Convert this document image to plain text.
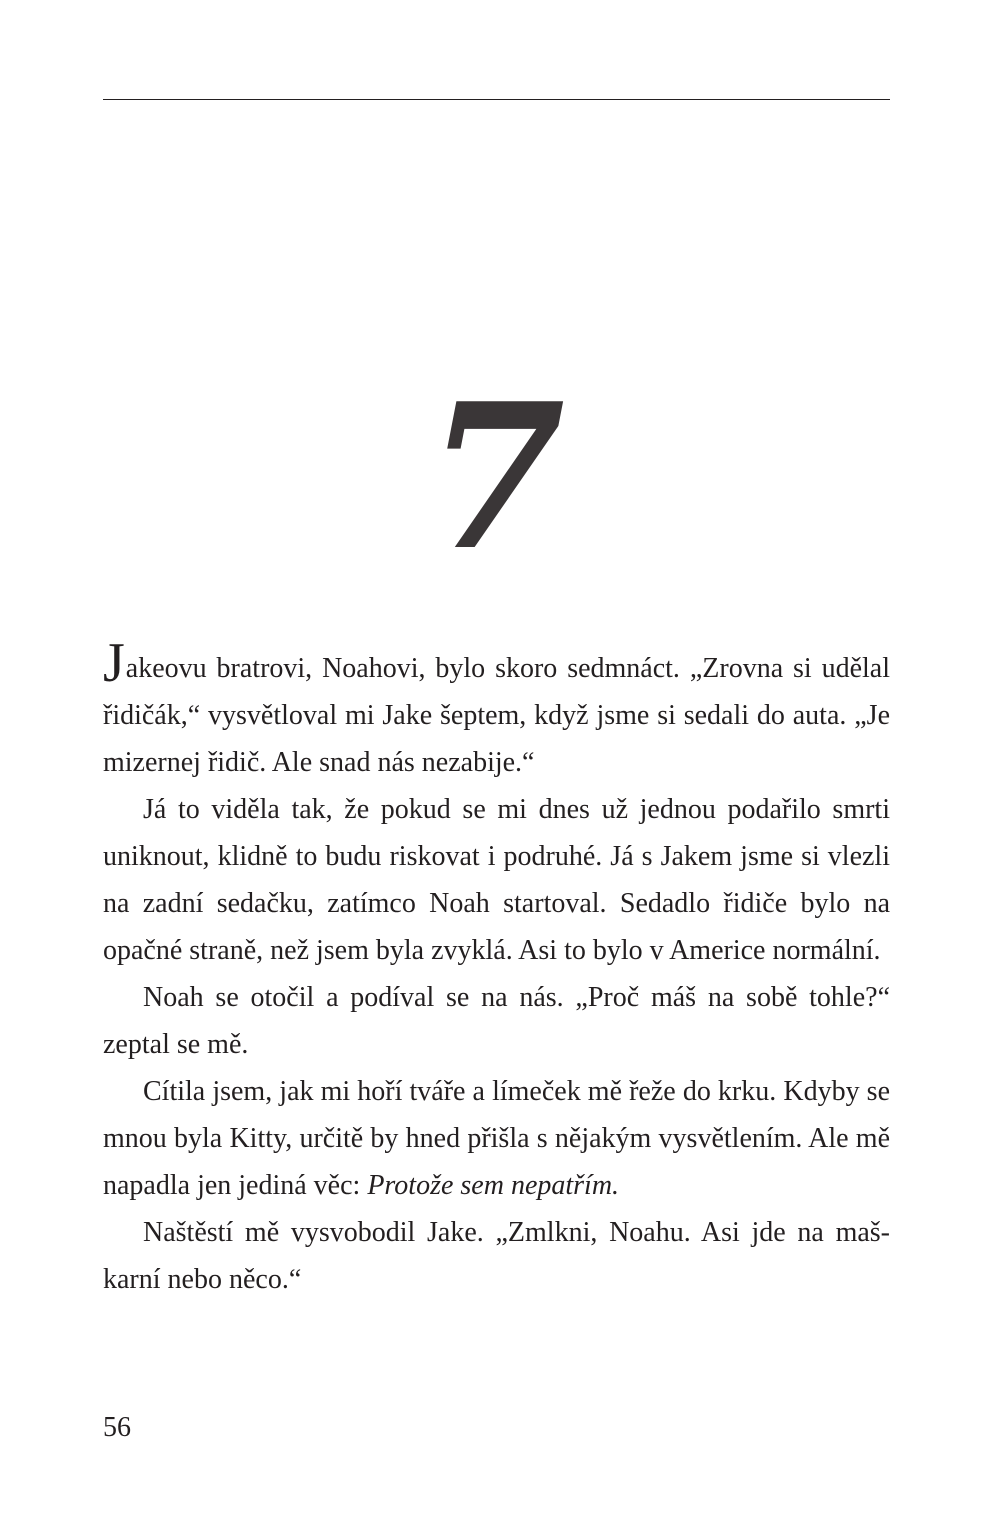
7

Jakeovu bratrovi, Noahovi, bylo skoro sedmnáct. „Zrovna si udělal řidičák,“ vysvětloval mi Jake šeptem, když jsme si sedali do auta. „Je mizernej řidič. Ale snad nás nezabije.“

Já to viděla tak, že pokud se mi dnes už jednou podařilo smrti uniknout, klidně to budu riskovat i podruhé. Já s Jakem jsme si vlezli na zadní sedačku, zatímco Noah startoval. Sedadlo řidiče bylo na opačné straně, než jsem byla zvyklá. Asi to bylo v Americe normální.

Noah se otočil a podíval se na nás. „Proč máš na sobě tohle?“ zeptal se mě.

Cítila jsem, jak mi hoří tváře a límeček mě řeže do krku. Kdyby se mnou byla Kitty, určitě by hned přišla s nějakým vysvětlením. Ale mě napadla jen jediná věc: Protože sem nepatřím.

Naštěstí mě vysvobodil Jake. „Zmlkni, Noahu. Asi jde na maškarní nebo něco.“

56
